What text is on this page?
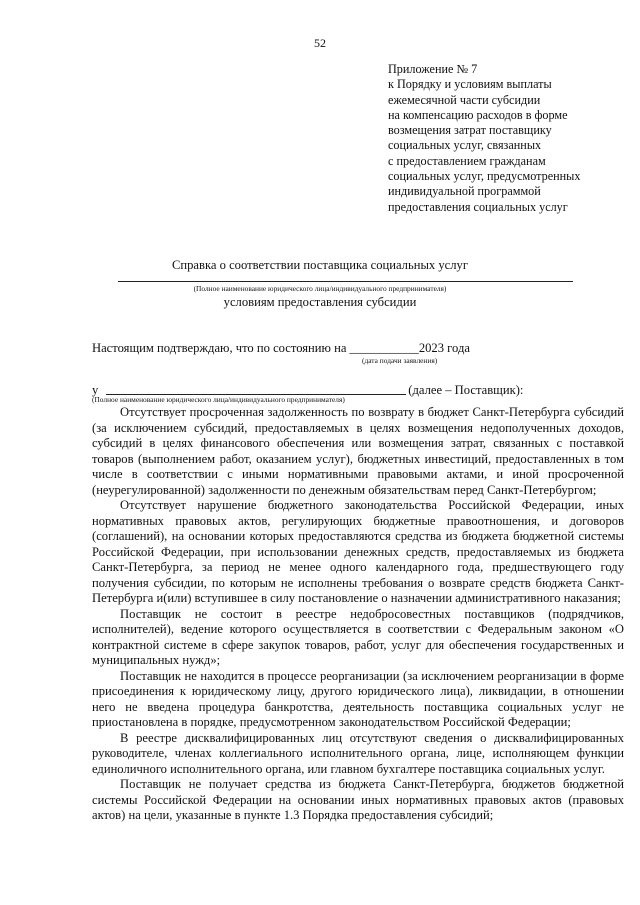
52
Приложение № 7
к Порядку и условиям выплаты
ежемесячной части субсидии
на компенсацию расходов в форме
возмещения затрат поставщику
социальных услуг, связанных
с предоставлением гражданам
социальных услуг, предусмотренных
индивидуальной программой
предоставления социальных услуг
Справка о соответствии поставщика социальных услуг
(Полное наименование юридического лица/индивидуального предпринимателя)
условиям предоставления субсидии
Настоящим подтверждаю, что по состоянию на ___________2023 года
(дата подачи заявления)
у	(далее – Поставщик):
(Полное наименование юридического лица/индивидуального предпринимателя)

Отсутствует просроченная задолженность по возврату в бюджет Санкт-Петербурга субсидий (за исключением субсидий, предоставляемых в целях возмещения недополученных доходов, субсидий в целях финансового обеспечения или возмещения затрат, связанных с поставкой товаров (выполнением работ, оказанием услуг), бюджетных инвестиций, предоставленных в том числе в соответствии с иными нормативными правовыми актами, и иной просроченной (неурегулированной) задолженности по денежным обязательствам перед Санкт-Петербургом;

Отсутствует нарушение бюджетного законодательства Российской Федерации, иных нормативных правовых актов, регулирующих бюджетные правоотношения, и договоров (соглашений), на основании которых предоставляются средства из бюджета бюджетной системы Российской Федерации, при использовании денежных средств, предоставляемых из бюджета Санкт-Петербурга, за период не менее одного календарного года, предшествующего году получения субсидии, по которым не исполнены требования о возврате средств бюджета Санкт-Петербурга и(или) вступившее в силу постановление о назначении административного наказания;

Поставщик не состоит в реестре недобросовестных поставщиков (подрядчиков, исполнителей), ведение которого осуществляется в соответствии с Федеральным законом «О контрактной системе в сфере закупок товаров, работ, услуг для обеспечения государственных и муниципальных нужд»;

Поставщик не находится в процессе реорганизации (за исключением реорганизации в форме присоединения к юридическому лицу, другого юридического лица), ликвидации, в отношении него не введена процедура банкротства, деятельность поставщика социальных услуг не приостановлена в порядке, предусмотренном законодательством Российской Федерации;

В реестре дисквалифицированных лиц отсутствуют сведения о дисквалифицированных руководителе, членах коллегиального исполнительного органа, лице, исполняющем функции единоличного исполнительного органа, или главном бухгалтере поставщика социальных услуг.

Поставщик не получает средства из бюджета Санкт-Петербурга, бюджетов бюджетной системы Российской Федерации на основании иных нормативных правовых актов (правовых актов) на цели, указанные в пункте 1.3 Порядка предоставления субсидий;
